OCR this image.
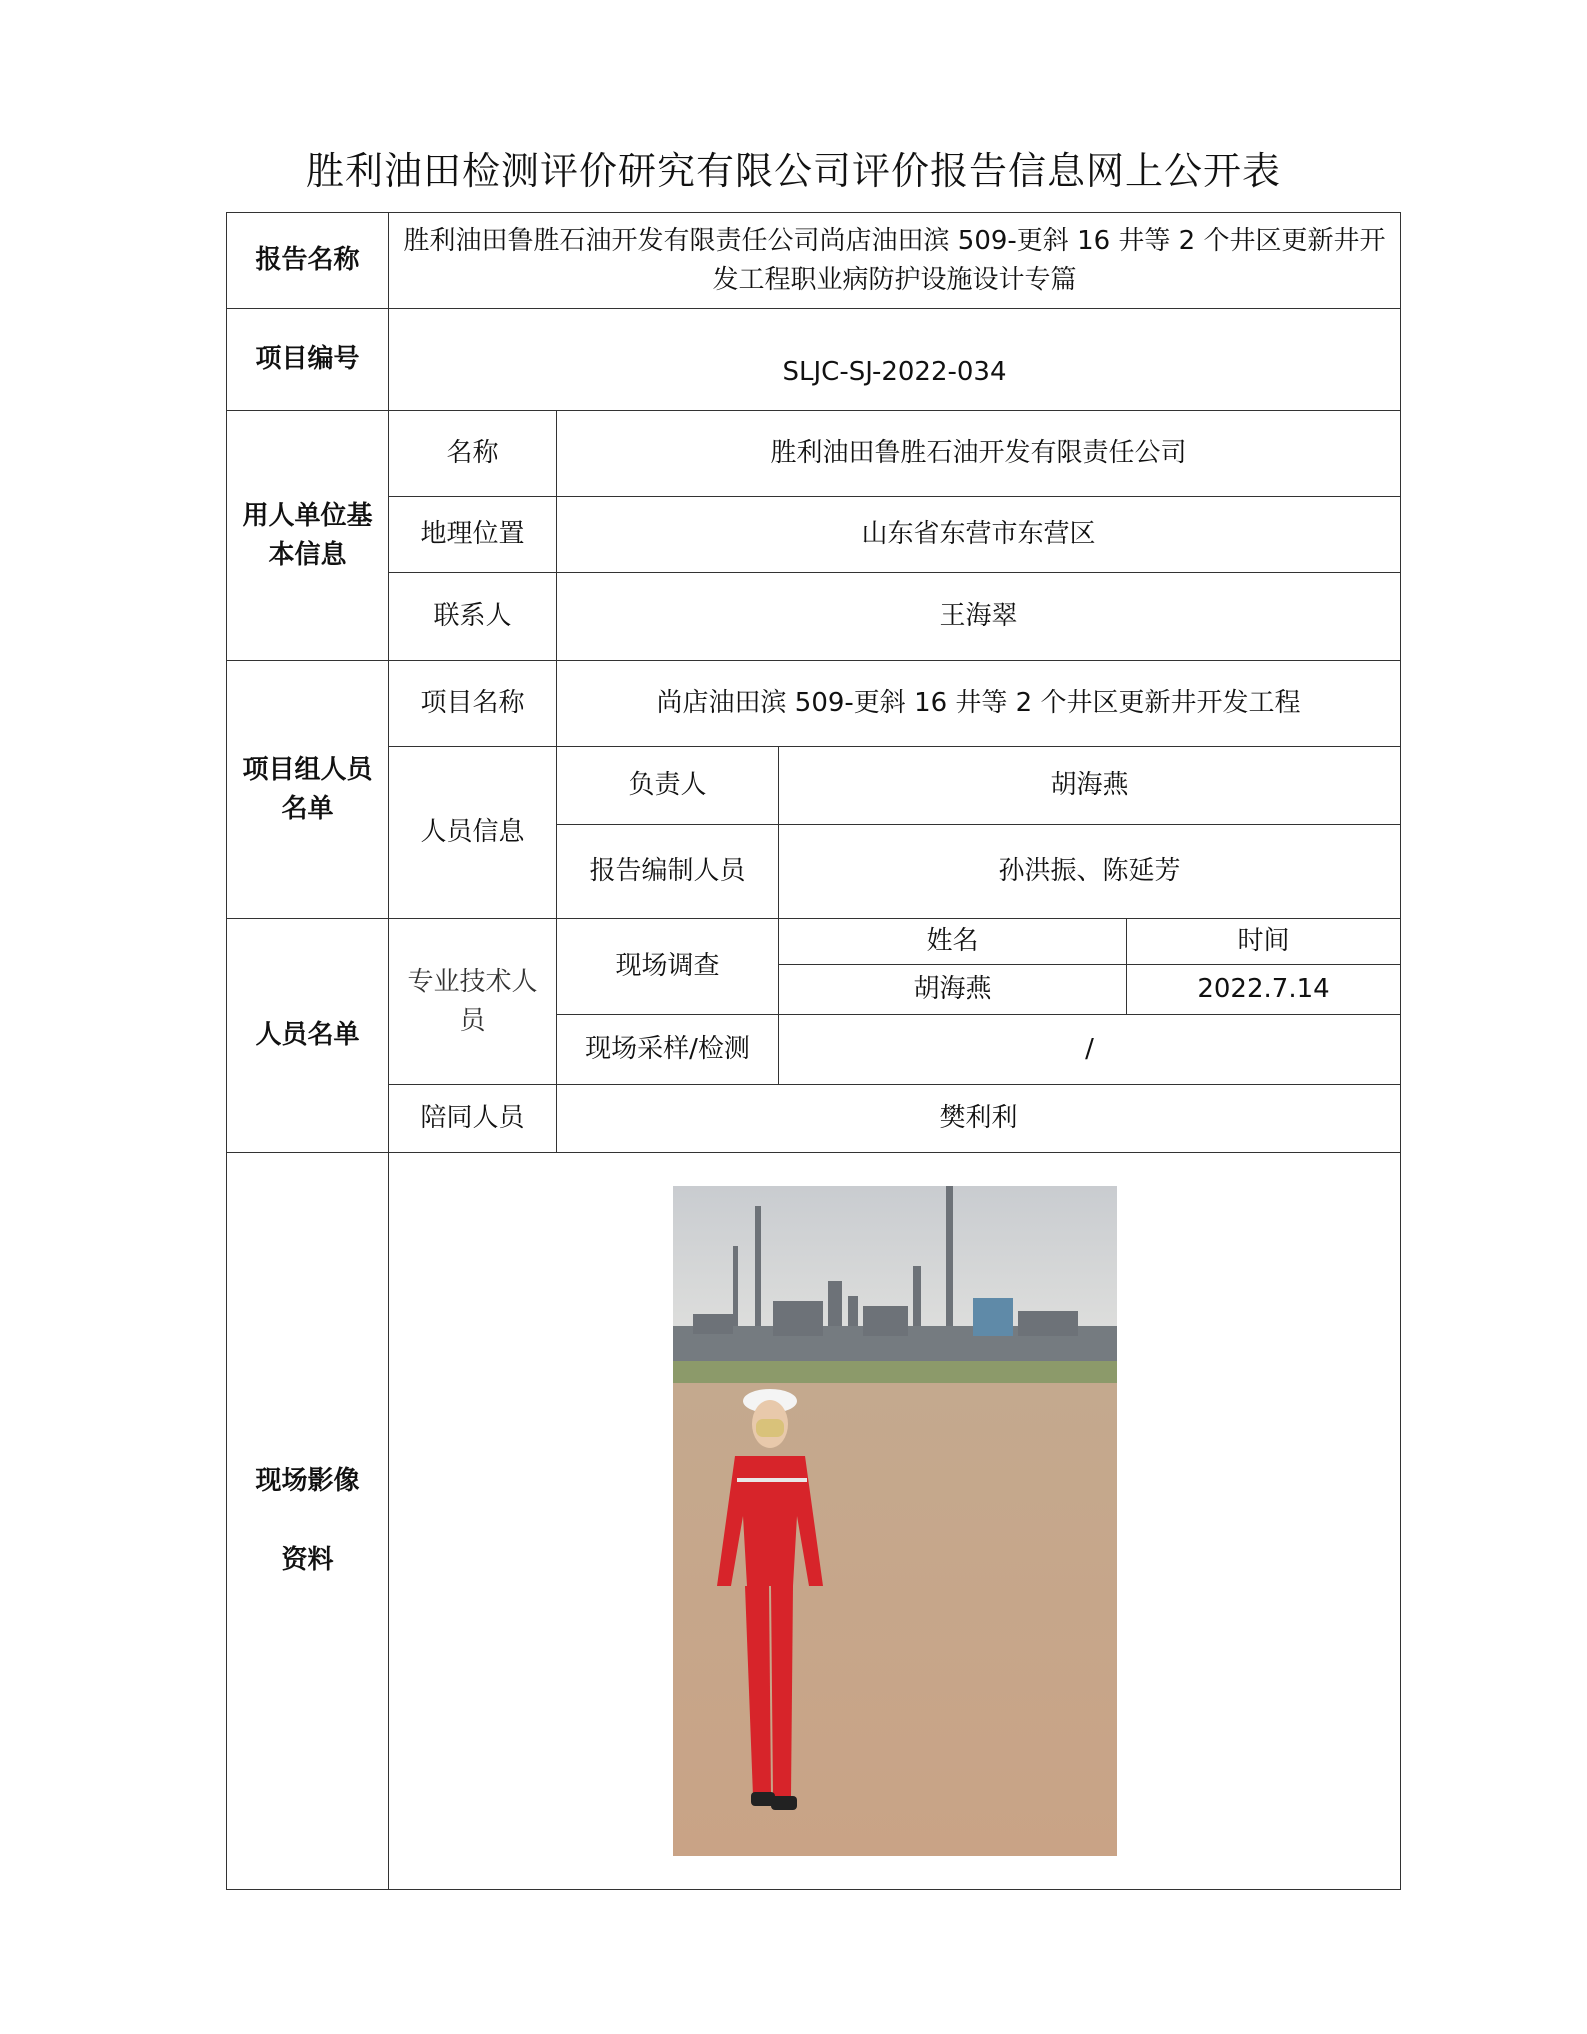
胜利油田检测评价研究有限公司评价报告信息网上公开表
报告名称	胜利油田鲁胜石油开发有限责任公司尚店油田滨 509-更斜 16 井等 2 个井区更新井开发工程职业病防护设施设计专篇			
项目编号	SLJC-SJ-2022-034			
用人单位基本信息	名称	胜利油田鲁胜石油开发有限责任公司		
	地理位置	山东省东营市东营区		
	联系人	王海翠		
项目组人员名单	项目名称	尚店油田滨 509-更斜 16 井等 2 个井区更新井开发工程		
	人员信息	负责人	胡海燕	
		报告编制人员	孙洪振、陈延芳	
人员名单	专业技术人员	现场调查	姓名	时间
			胡海燕	2022.7.14
		现场采样/检测	/	
	陪同人员	樊利利		

现场影像
资料
